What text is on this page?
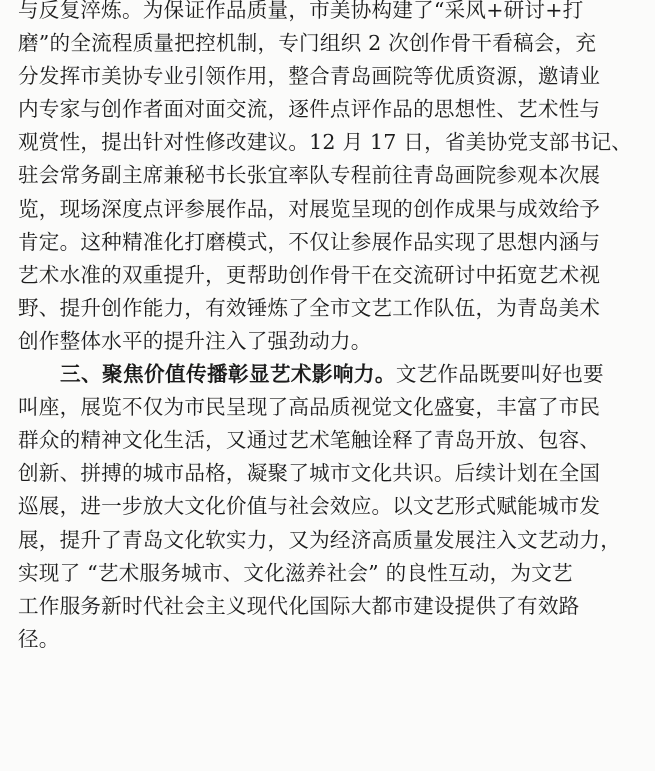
与反复淬炼。为保证作品质量，市美协构建了“采风+研讨+打
磨”的全流程质量把控机制，专门组织 2 次创作骨干看稿会，充
分发挥市美协专业引领作用，整合青岛画院等优质资源，邀请业
内专家与创作者面对面交流，逐件点评作品的思想性、艺术性与
观赏性，提出针对性修改建议。12 月 17 日，省美协党支部书记、
驻会常务副主席兼秘书长张宜率队专程前往青岛画院参观本次展
览，现场深度点评参展作品，对展览呈现的创作成果与成效给予
肯定。这种精准化打磨模式，不仅让参展作品实现了思想内涵与
艺术水准的双重提升，更帮助创作骨干在交流研讨中拓宽艺术视
野、提升创作能力，有效锤炼了全市文艺工作队伍，为青岛美术
创作整体水平的提升注入了强劲动力。
三、聚焦价值传播彰显艺术影响力。文艺作品既要叫好也要
叫座，展览不仅为市民呈现了高品质视觉文化盛宴，丰富了市民
群众的精神文化生活，又通过艺术笔触诠释了青岛开放、包容、
创新、拼搏的城市品格，凝聚了城市文化共识。后续计划在全国
巡展，进一步放大文化价值与社会效应。以文艺形式赋能城市发
展，提升了青岛文化软实力，又为经济高质量发展注入文艺动力，
实现了 “艺术服务城市、文化滋养社会” 的良性互动，为文艺
工作服务新时代社会主义现代化国际大都市建设提供了有效路
径。
